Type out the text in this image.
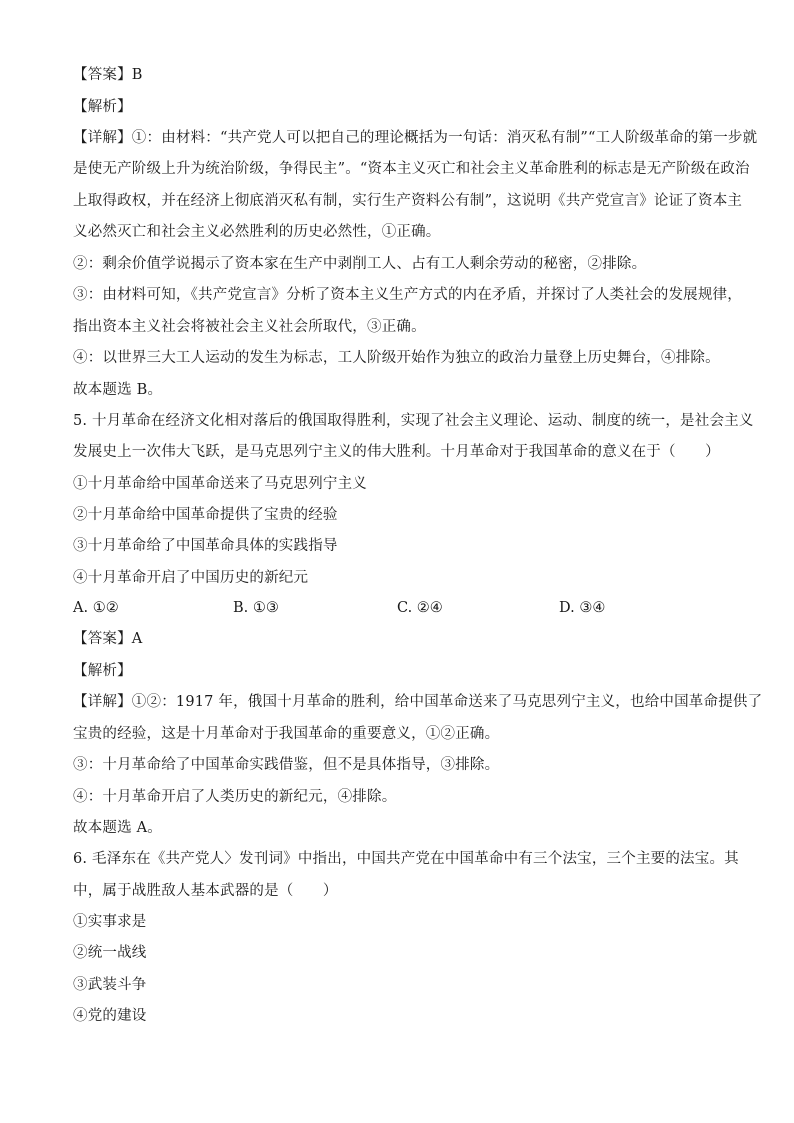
【答案】B
【解析】
【详解】①：由材料：“共产党人可以把自己的理论概括为一句话：消灭私有制”“工人阶级革命的第一步就
是使无产阶级上升为统治阶级，争得民主”。“资本主义灭亡和社会主义革命胜利的标志是无产阶级在政治
上取得政权，并在经济上彻底消灭私有制，实行生产资料公有制”，这说明《共产党宣言》论证了资本主
义必然灭亡和社会主义必然胜利的历史必然性，①正确。
②：剩余价值学说揭示了资本家在生产中剥削工人、占有工人剩余劳动的秘密，②排除。
③：由材料可知，《共产党宣言》分析了资本主义生产方式的内在矛盾，并探讨了人类社会的发展规律，
指出资本主义社会将被社会主义社会所取代，③正确。
④：以世界三大工人运动的发生为标志，工人阶级开始作为独立的政治力量登上历史舞台，④排除。
故本题选 B。
5. 十月革命在经济文化相对落后的俄国取得胜利，实现了社会主义理论、运动、制度的统一，是社会主义
发展史上一次伟大飞跃，是马克思列宁主义的伟大胜利。十月革命对于我国革命的意义在于（　　）
①十月革命给中国革命送来了马克思列宁主义
②十月革命给中国革命提供了宝贵的经验
③十月革命给了中国革命具体的实践指导
④十月革命开启了中国历史的新纪元
A. ①②	B. ①③	C. ②④	D. ③④
【答案】A
【解析】
【详解】①②：1917 年，俄国十月革命的胜利，给中国革命送来了马克思列宁主义，也给中国革命提供了
宝贵的经验，这是十月革命对于我国革命的重要意义，①②正确。
③：十月革命给了中国革命实践借鉴，但不是具体指导，③排除。
④：十月革命开启了人类历史的新纪元，④排除。
故本题选 A。
6. 毛泽东在《共产党人〉发刊词》中指出，中国共产党在中国革命中有三个法宝，三个主要的法宝。其
中，属于战胜敌人基本武器的是（　　）
①实事求是
②统一战线
③武装斗争
④党的建设
